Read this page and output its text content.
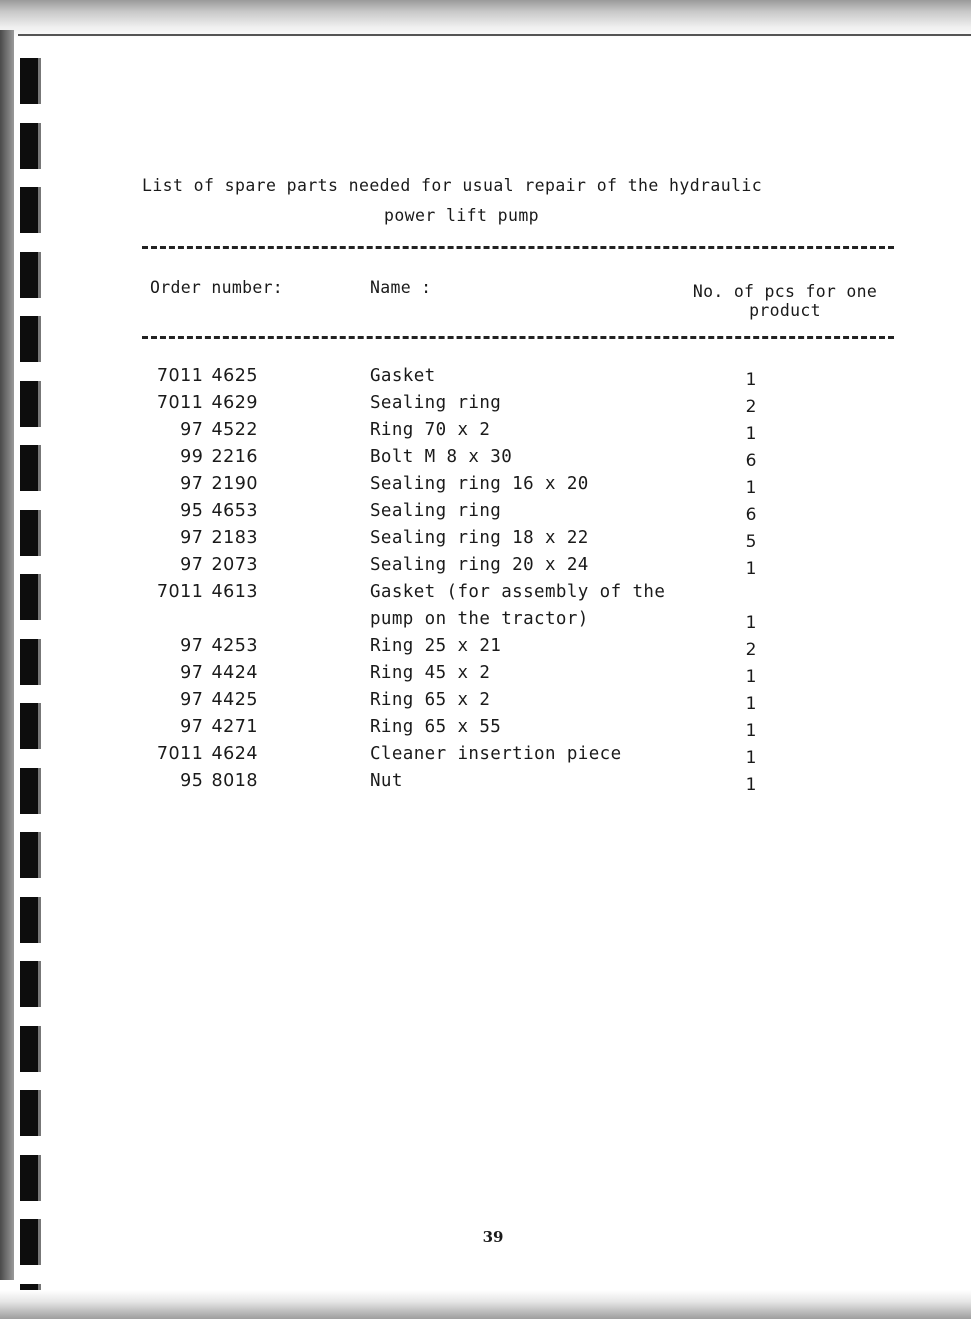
List of spare parts needed for usual repair of the hydraulic
power lift pump
Order number:	Name :	No. of pcs for one
product
7011 4625	Gasket	1
7011 4629	Sealing ring	2
97 4522	Ring 70 x 2	1
99 2216	Bolt M 8 x 30	6
97 2190	Sealing ring 16 x 20	1
95 4653	Sealing ring	6
97 2183	Sealing ring 18 x 22	5
97 2073	Sealing ring 20 x 24	1
7011 4613	Gasket (for assembly of the
pump on the tractor)	1
97 4253	Ring 25 x 21	2
97 4424	Ring 45 x 2	1
97 4425	Ring 65 x 2	1
97 4271	Ring 65 x 55	1
7011 4624	Cleaner insertion piece	1
95 8018	Nut	1
39
